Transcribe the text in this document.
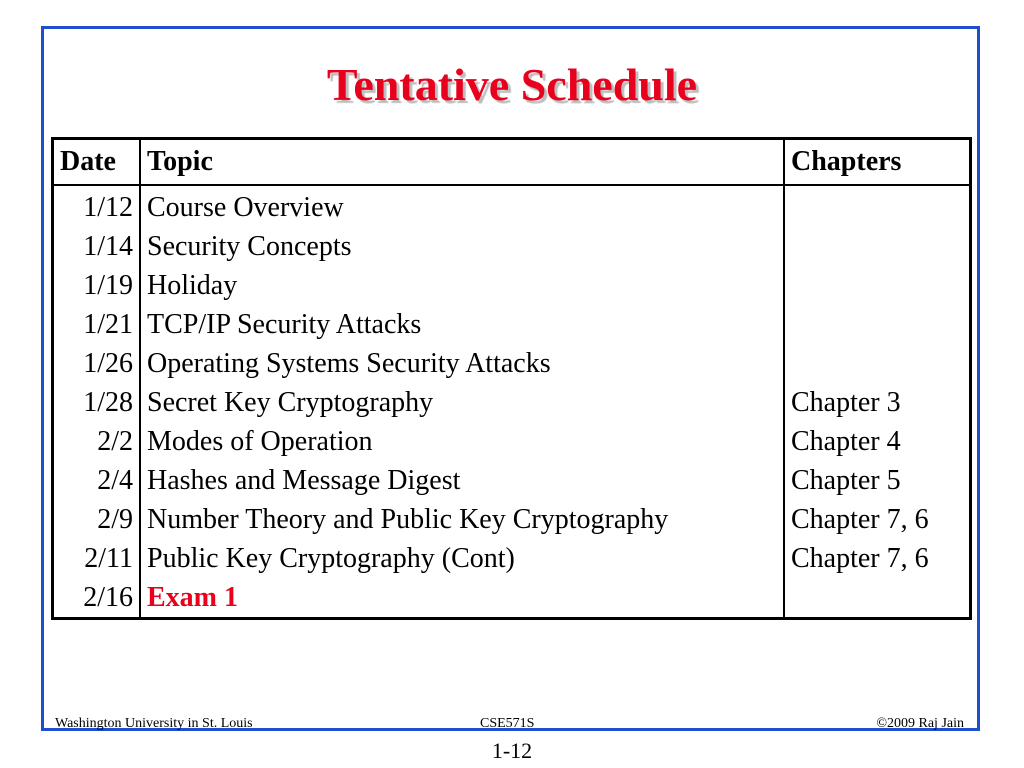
Tentative Schedule
Date	Topic	Chapters
1/12	Course Overview	
1/14	Security Concepts	
1/19	Holiday	
1/21	TCP/IP Security Attacks	
1/26	Operating Systems Security Attacks	
1/28	Secret Key Cryptography	Chapter 3
2/2	Modes of Operation	Chapter 4
2/4	Hashes and Message Digest	Chapter 5
2/9	Number Theory and Public Key Cryptography	Chapter 7, 6
2/11	Public Key Cryptography (Cont)	Chapter 7, 6
2/16	Exam 1	
Washington University in St. Louis	CSE571S	©2009 Raj Jain
1-12
